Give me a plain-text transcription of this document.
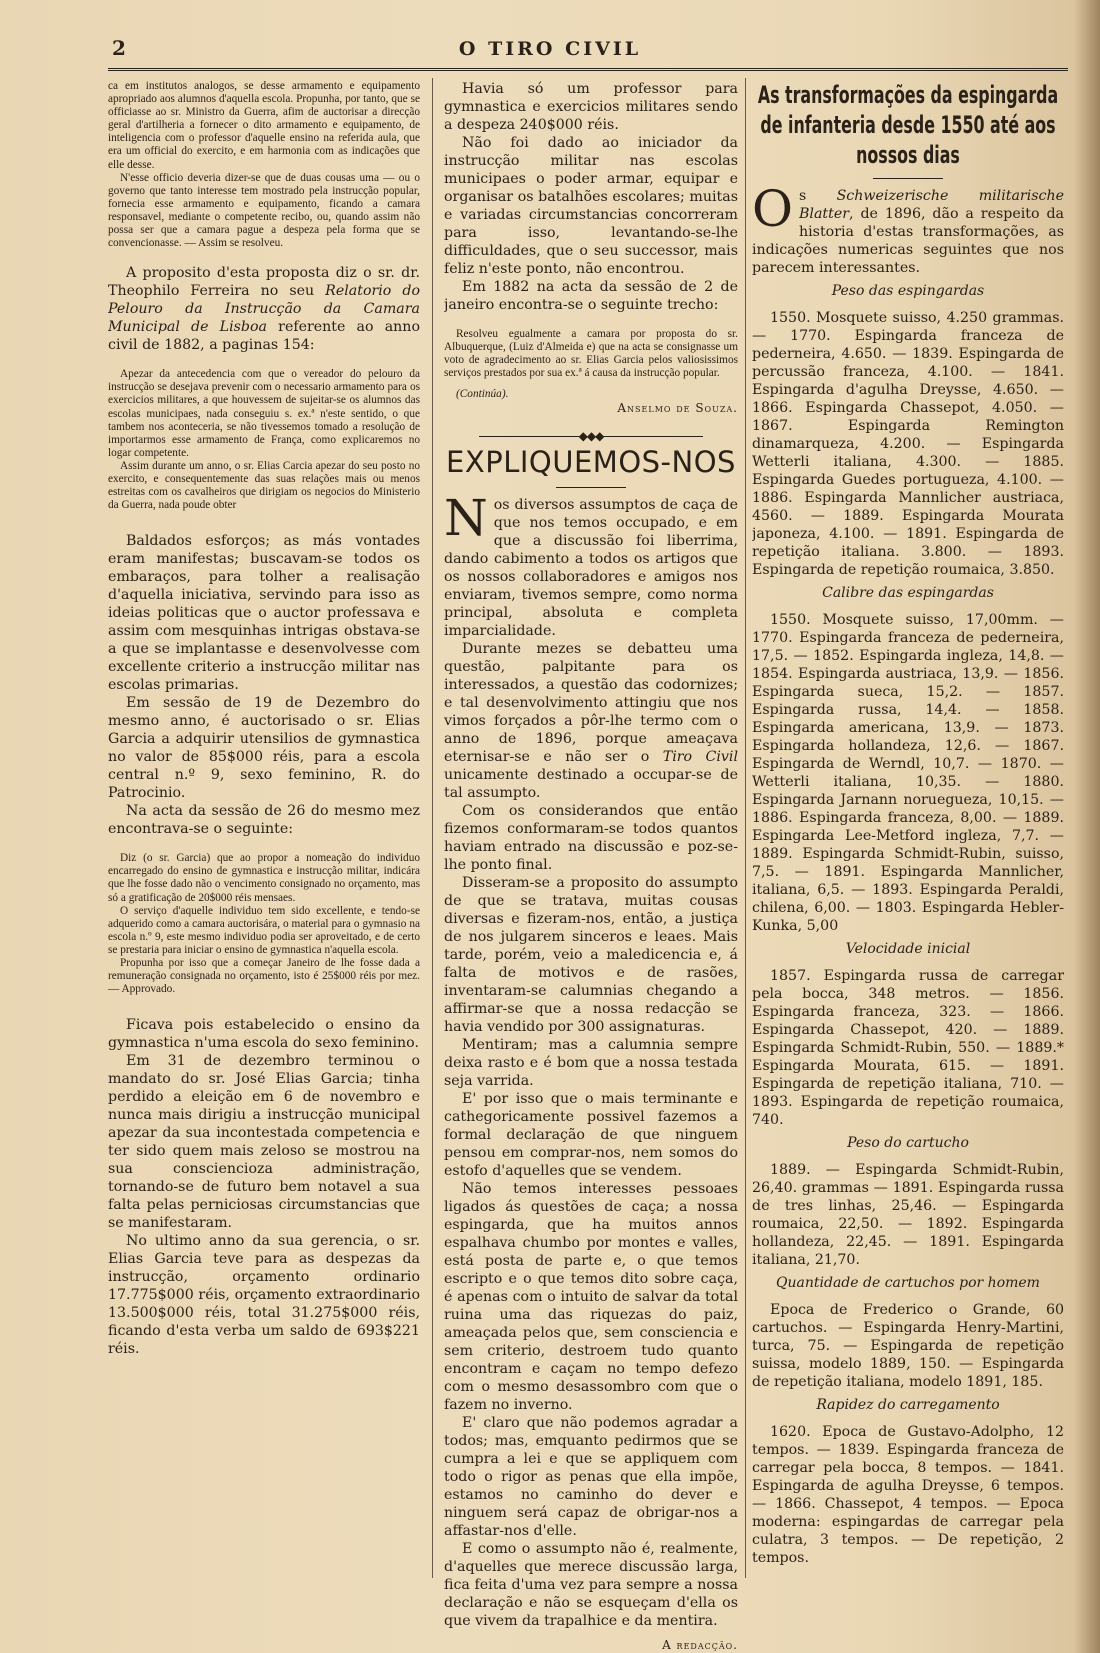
2	O TIRO CIVIL

ca em institutos analogos, se desse armamento e equipamento apropriado aos alumnos d'aquella escola. Propunha, por tanto, que se officiasse ao sr. Ministro da Guerra, afim de auctorisar a direcção geral d'artilheria a fornecer o dito armamento e equipamento, de inteligencia com o professor d'aquelle ensino na referida aula, que era um official do exercito, e em harmonia com as indicações que elle desse.

N'esse officio deveria dizer-se que de duas cousas uma — ou o governo que tanto interesse tem mostrado pela instrucção popular, fornecia esse armamento e equipamento, ficando a camara responsavel, mediante o competente recibo, ou, quando assim não possa ser que a camara pague a despeza pela forma que se convencionasse. — Assim se resolveu.

A proposito d'esta proposta diz o sr. dr. Theophilo Ferreira no seu Relatorio do Pelouro da Instrucção da Camara Municipal de Lisboa referente ao anno civil de 1882, a paginas 154:

Apezar da antecedencia com que o vereador do pelouro da instrucção se desejava prevenir com o necessario armamento para os exercicios militares, a que houvessem de sujeitar-se os alumnos das escolas municipaes, nada conseguiu s. ex.ª n'este sentido, o que tambem nos aconteceria, se não tivessemos tomado a resolução de importarmos esse armamento de França, como explicaremos no logar competente.

Assim durante um anno, o sr. Elias Carcia apezar do seu posto no exercito, e consequentemente das suas relações mais ou menos estreitas com os cavalheiros que dirigiam os negocios do Ministerio da Guerra, nada poude obter

Baldados esforços; as más vontades eram manifestas; buscavam-se todos os embaraços, para tolher a realisação d'aquella iniciativa, servindo para isso as ideias politicas que o auctor professava e assim com mesquinhas intrigas obstava-se a que se implantasse e desenvolvesse com excellente criterio a instrucção militar nas escolas primarias.

Em sessão de 19 de Dezembro do mesmo anno, é auctorisado o sr. Elias Garcia a adquirir utensilios de gymnastica no valor de 85$000 réis, para a escola central n.º 9, sexo feminino, R. do Patrocinio.

Na acta da sessão de 26 do mesmo mez encontrava-se o seguinte:

Diz (o sr. Garcia) que ao propor a nomeação do individuo encarregado do ensino de gymnastica e instrucção militar, indicára que lhe fosse dado não o vencimento consignado no orçamento, mas só a gratificação de 20$000 réis mensaes.

O serviço d'aquelle individuo tem sido excellente, e tendo-se adquerido como a camara auctorisára, o material para o gymnasio na escola n.º 9, este mesmo individuo podia ser aproveitado, e de certo se prestaria para iniciar o ensino de gymnastica n'aquella escola.

Propunha por isso que a começar Janeiro de lhe fosse dada a remuneração consignada no orçamento, isto é 25$000 réis por mez. — Approvado.

Ficava pois estabelecido o ensino da gymnastica n'uma escola do sexo feminino.

Em 31 de dezembro terminou o mandato do sr. José Elias Garcia; tinha perdido a eleição em 6 de novembro e nunca mais dirigiu a instrucção municipal apezar da sua incontestada competencia e ter sido quem mais zeloso se mostrou na sua consciencioza administração, tornando-se de futuro bem notavel a sua falta pelas perniciosas circumstancias que se manifestaram.

No ultimo anno da sua gerencia, o sr. Elias Garcia teve para as despezas da instrucção, orçamento ordinario 17.775$000 réis, orçamento extraordinario 13.500$000 réis, total 31.275$000 réis, ficando d'esta verba um saldo de 693$221 réis.

Havia só um professor para gymnastica e exercicios militares sendo a despeza 240$000 réis.

Não foi dado ao iniciador da instrucção militar nas escolas municipaes o poder armar, equipar e organisar os batalhões escolares; muitas e variadas circumstancias concorreram para isso, levantando-se-lhe difficuldades, que o seu successor, mais feliz n'este ponto, não encontrou.

Em 1882 na acta da sessão de 2 de janeiro encontra-se o seguinte trecho:

Resolveu egualmente a camara por proposta do sr. Albuquerque, (Luiz d'Almeida e) que na acta se consignasse um voto de agradecimento ao sr. Elias Garcia pelos valiosissimos serviços prestados por sua ex.ª á causa da instrucção popular.

(Continúa).

Anselmo de Souza.

◆◆◆
EXPLIQUEMOS-NOS

Nos diversos assumptos de caça de que nos temos occupado, e em que a discussão foi liberrima, dando cabimento a todos os artigos que os nossos collaboradores e amigos nos enviaram, tivemos sempre, como norma principal, absoluta e completa imparcialidade.

Durante mezes se debatteu uma questão, palpitante para os interessados, a questão das codornizes; e tal desenvolvimento attingiu que nos vimos forçados a pôr-lhe termo com o anno de 1896, porque ameaçava eternisar-se e não ser o Tiro Civil unicamente destinado a occupar-se de tal assumpto.

Com os considerandos que então fizemos conformaram-se todos quantos haviam entrado na discussão e poz-se-lhe ponto final.

Disseram-se a proposito do assumpto de que se tratava, muitas cousas diversas e fizeram-nos, então, a justiça de nos julgarem sinceros e leaes. Mais tarde, porém, veio a maledicencia e, á falta de motivos e de rasões, inventaram-se calumnias chegando a affirmar-se que a nossa redacção se havia vendido por 300 assignaturas.

Mentiram; mas a calumnia sempre deixa rasto e é bom que a nossa testada seja varrida.

E' por isso que o mais terminante e cathegoricamente possivel fazemos a formal declaração de que ninguem pensou em comprar-nos, nem somos do estofo d'aquelles que se vendem.

Não temos interesses pessoaes ligados ás questões de caça; a nossa espingarda, que ha muitos annos espalhava chumbo por montes e valles, está posta de parte e, o que temos escripto e o que temos dito sobre caça, é apenas com o intuito de salvar da total ruina uma das riquezas do paiz, ameaçada pelos que, sem consciencia e sem criterio, destroem tudo quanto encontram e caçam no tempo defezo com o mesmo desassombro com que o fazem no inverno.

E' claro que não podemos agradar a todos; mas, emquanto pedirmos que se cumpra a lei e que se appliquem com todo o rigor as penas que ella impõe, estamos no caminho do dever e ninguem será capaz de obrigar-nos a affastar-nos d'elle.

E como o assumpto não é, realmente, d'aquelles que merece discussão larga, fica feita d'uma vez para sempre a nossa declaração e não se esqueçam d'ella os que vivem da trapalhice e da mentira.

A redacção.

As transformações da espingarda de infanteria desde 1550 até aos nossos dias

Os Schweizerische militarische Blatter, de 1896, dão a respeito da historia d'estas transformações, as indicações numericas seguintes que nos parecem interessantes.

Peso das espingardas

1550. Mosquete suisso, 4.250 grammas. — 1770. Espingarda franceza de pederneira, 4.650. — 1839. Espingarda de percussão franceza, 4.100. — 1841. Espingarda d'agulha Dreysse, 4.650. — 1866. Espingarda Chassepot, 4.050. — 1867. Espingarda Remington dinamarqueza, 4.200. — Espingarda Wetterli italiana, 4.300. — 1885. Espingarda Guedes portugueza, 4.100. — 1886. Espingarda Mannlicher austriaca, 4560. — 1889. Espingarda Mourata japoneza, 4.100. — 1891. Espingarda de repetição italiana. 3.800. — 1893. Espingarda de repetição roumaica, 3.850.

Calibre das espingardas

1550. Mosquete suisso, 17,00mm. — 1770. Espingarda franceza de pederneira, 17,5. — 1852. Espingarda ingleza, 14,8. — 1854. Espingarda austriaca, 13,9. — 1856. Espingarda sueca, 15,2. — 1857. Espingarda russa, 14,4. — 1858. Espingarda americana, 13,9. — 1873. Espingarda hollandeza, 12,6. — 1867. Espingarda de Werndl, 10,7. — 1870. — Wetterli italiana, 10,35. — 1880. Espingarda Jarnann norueguеza, 10,15. — 1886. Espingarda franceza, 8,00. — 1889. Espingarda Lee-Metford ingleza, 7,7. — 1889. Espingarda Schmidt-Rubin, suisso, 7,5. — 1891. Espingarda Mannlicher, italiana, 6,5. — 1893. Espingarda Peraldi, chilena, 6,00. — 1803. Espingarda Hebler-Kunka, 5,00

Velocidade inicial

1857. Espingarda russa de carregar pela bocca, 348 metros. — 1856. Espingarda franceza, 323. — 1866. Espingarda Chassepot, 420. — 1889. Espingarda Schmidt-Rubin, 550. — 1889.* Espingarda Mourata, 615. — 1891. Espingarda de repetição italiana, 710. — 1893. Espingarda de repetição roumaica, 740.

Peso do cartucho

1889. — Espingarda Schmidt-Rubin, 26,40. grammas — 1891. Espingarda russa de tres linhas, 25,46. — Espingarda roumaica, 22,50. — 1892. Espingarda hollandeza, 22,45. — 1891. Espingarda italiana, 21,70.

Quantidade de cartuchos por homem

Epoca de Frederico o Grande, 60 cartuchos. — Espingarda Henry-Martini, turca, 75. — Espingarda de repetição suissa, modelo 1889, 150. — Espingarda de repetição italiana, modelo 1891, 185.

Rapidez do carregamento

1620. Epoca de Gustavo-Adolpho, 12 tempos. — 1839. Espingarda franceza de carregar pela bocca, 8 tempos. — 1841. Espingarda de agulha Dreysse, 6 tempos. — 1866. Chassepot, 4 tempos. — Epoca moderna: espingardas de carregar pela culatra, 3 tempos. — De repetição, 2 tempos.
